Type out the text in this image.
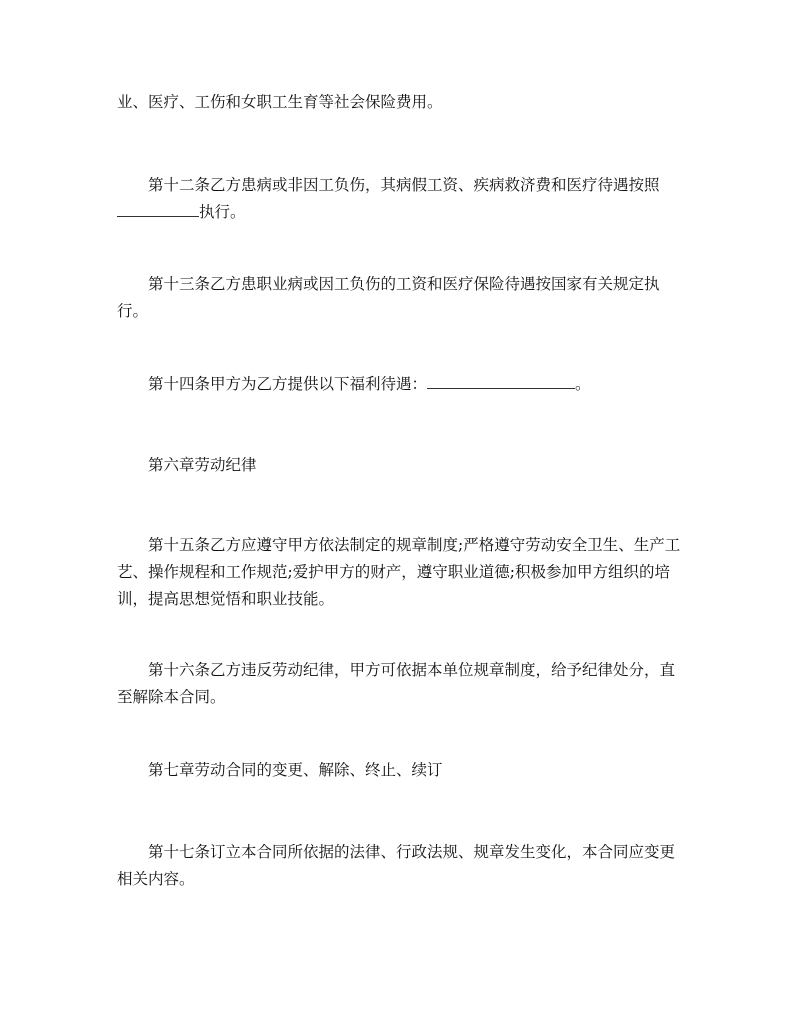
业、医疗、工伤和女职工生育等社会保险费用。

第十二条乙方患病或非因工负伤，其病假工资、疾病救济费和医疗待遇按照执行。

第十三条乙方患职业病或因工负伤的工资和医疗保险待遇按国家有关规定执行。

第十四条甲方为乙方提供以下福利待遇：	。

第六章劳动纪律

第十五条乙方应遵守甲方依法制定的规章制度;严格遵守劳动安全卫生、生产工艺、操作规程和工作规范;爱护甲方的财产，遵守职业道德;积极参加甲方组织的培训，提高思想觉悟和职业技能。

第十六条乙方违反劳动纪律，甲方可依据本单位规章制度，给予纪律处分，直至解除本合同。

第七章劳动合同的变更、解除、终止、续订

第十七条订立本合同所依据的法律、行政法规、规章发生变化，本合同应变更相关内容。
